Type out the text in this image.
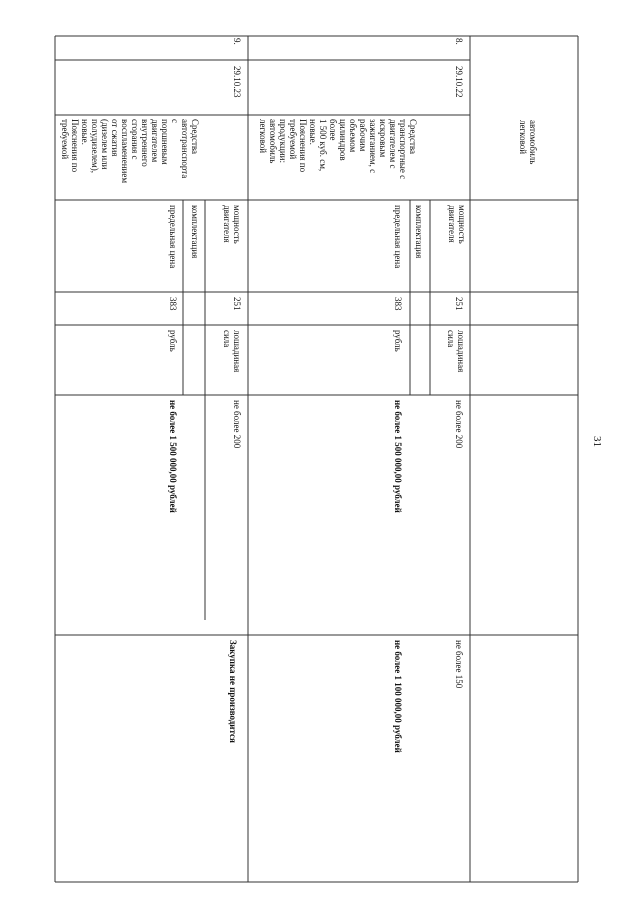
31
автомобиль
легковой
8.
29.10.22
Средства
транспортные с
двигателем с
искровым
зажиганием, с
рабочим
объемом
цилиндров
более
1 500 куб. см,
новые.
Пояснения по
требуемой
продукции:
автомобиль
легковой
мощность
двигателя
комплектация
предельная цена
251
383
лошадиная
сила
рубль
не более 200
не более 1 500 000,00 рублей
не более 150
не более 1 100 000,00 рублей
9.
29.10.23
Средства
автотранспорта
с
поршневым
двигателем
внутреннего
сгорания с
воспламенением
от сжатия
(дизелем или
полудизелем),
новые.
Пояснения по
требуемой
мощность
двигателя
комплектация
предельная цена
251
383
лошадиная
сила
рубль
не более 200
не более 1 500 000,00 рублей
Закупка не производится
